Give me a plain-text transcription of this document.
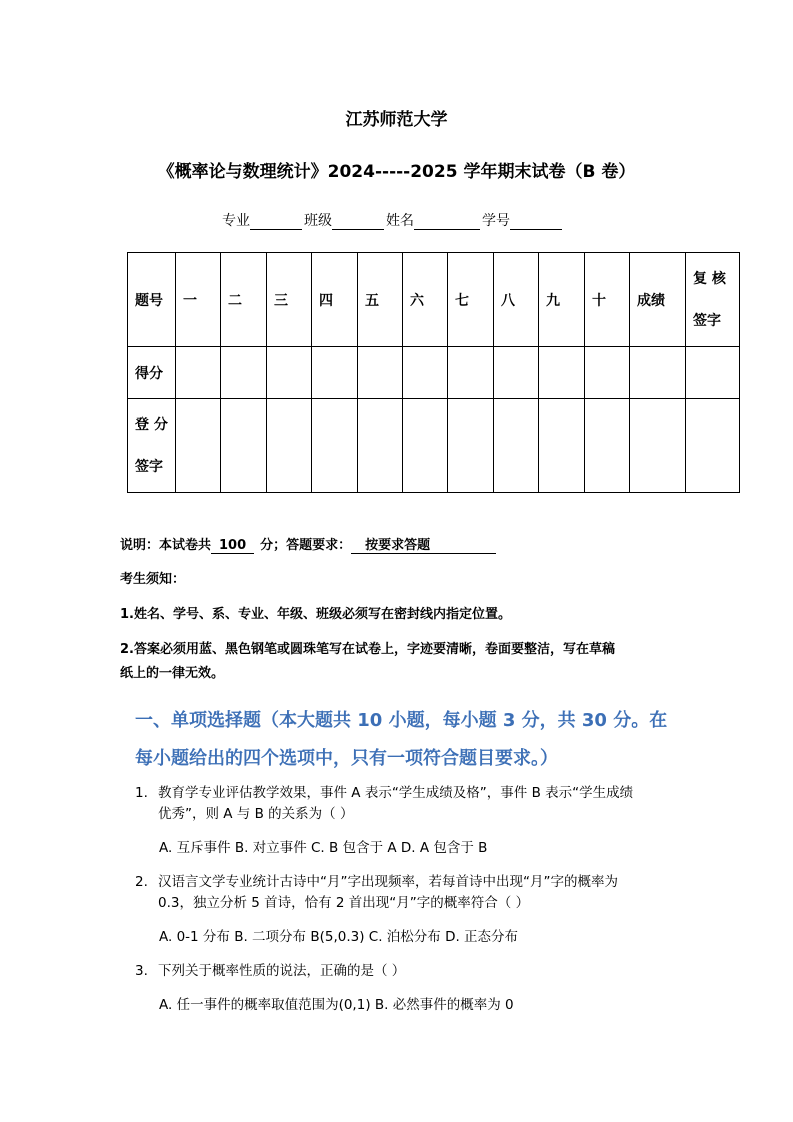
江苏师范大学
《概率论与数理统计》2024-----2025 学年期末试卷（B 卷）
专业	班级	姓名	学号
题号	一	二	三	四	五	六	七	八	九	十	成绩	复 核
签字

得分												

登 分
签字												

说明：本试卷共 100 分；答题要求： 按要求答题
考生须知：
1.姓名、学号、系、专业、年级、班级必须写在密封线内指定位置。
2.答案必须用蓝、黑色钢笔或圆珠笔写在试卷上，字迹要清晰，卷面要整洁，写在草稿
纸上的一律无效。
一、单项选择题（本大题共 10 小题，每小题 3 分，共 30 分。在
每小题给出的四个选项中，只有一项符合题目要求。）
1. 教育学专业评估教学效果，事件 A 表示“学生成绩及格”，事件 B 表示“学生成绩
优秀”，则 A 与 B 的关系为（ ）
A. 互斥事件 B. 对立事件 C. B 包含于 A D. A 包含于 B
2. 汉语言文学专业统计古诗中“月”字出现频率，若每首诗中出现“月”字的概率为
0.3，独立分析 5 首诗，恰有 2 首出现“月”字的概率符合（ ）
A. 0-1 分布 B. 二项分布 B(5,0.3) C. 泊松分布 D. 正态分布
3. 下列关于概率性质的说法，正确的是（ ）
A. 任一事件的概率取值范围为(0,1) B. 必然事件的概率为 0
